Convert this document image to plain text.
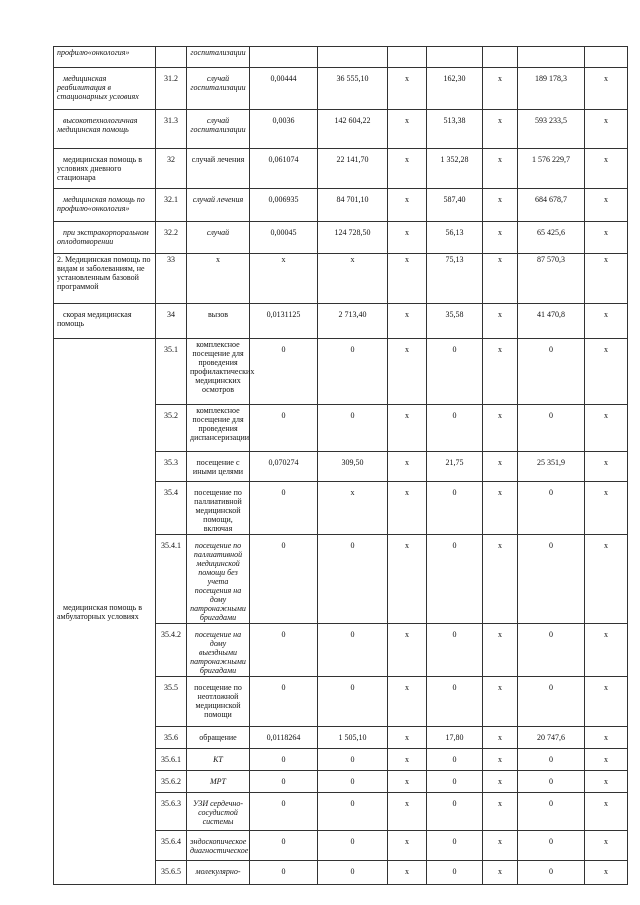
профилю«онкология»		госпитализации							
медицинская реабилитация в стационарных условиях	31.2	случай госпитализации	0,00444	36 555,10	х	162,30	х	189 178,3	х
высокотехнологичная медицинская помощь	31.3	случай госпитализации	0,0036	142 604,22	х	513,38	х	593 233,5	х
медицинская помощь в условиях дневного стационара	32	случай лечения	0,061074	22 141,70	х	1 352,28	х	1 576 229,7	х
медицинская помощь по профилю«онкология»	32.1	случай лечения	0,006935	84 701,10	х	587,40	х	684 678,7	х
при экстракорпоральном оплодотворении	32.2	случай	0,00045	124 728,50	х	56,13	х	65 425,6	х
2. Медицинская помощь по видам и заболеваниям, не установленным базовой программой	33	х	х	х	х	75,13	х	87 570,3	х
скорая медицинская помощь	34	вызов	0,0131125	2 713,40	х	35,58	х	41 470,8	х
медицинская помощь в амбулаторных условиях	35.1	комплексное посещение для проведения профилактических медицинских осмотров	0	0	х	0	х	0	х
	35.2	комплексное посещение для проведения диспансеризации	0	0	х	0	х	0	х
	35.3	посещение с иными целями	0,070274	309,50	х	21,75	х	25 351,9	х
	35.4	посещение по паллиативной медицинской помощи, включая	0	х	х	0	х	0	х
	35.4.1	посещение по паллиативной медицинской помощи без учета посещения на дому патронажными бригадами	0	0	х	0	х	0	х
	35.4.2	посещение на дому выездными патронажными бригадами	0	0	х	0	х	0	х
	35.5	посещение по неотложной медицинской помощи	0	0	х	0	х	0	х
	35.6	обращение	0,0118264	1 505,10	х	17,80	х	20 747,6	х
	35.6.1	КТ	0	0	х	0	х	0	х
	35.6.2	МРТ	0	0	х	0	х	0	х
	35.6.3	УЗИ сердечно-сосудистой системы	0	0	х	0	х	0	х
	35.6.4	эндоскопическое диагностическое	0	0	х	0	х	0	х
	35.6.5	молекулярно-	0	0	х	0	х	0	х
